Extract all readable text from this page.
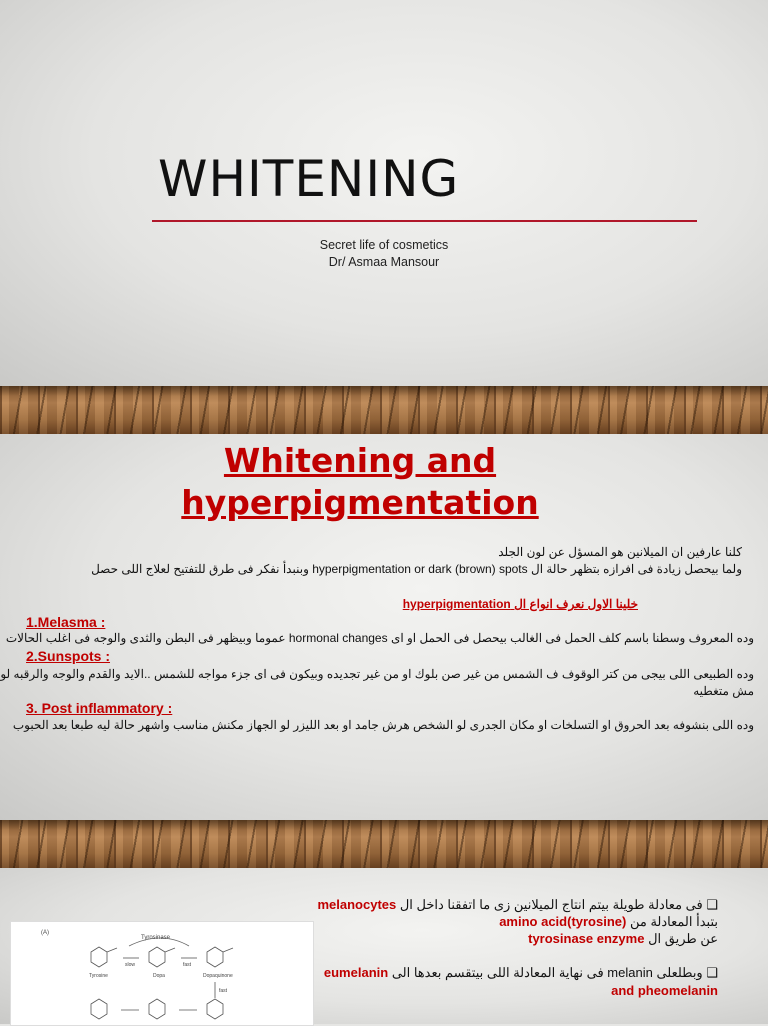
WHITENING
Secret life of cosmetics
Dr/ Asmaa Mansour
Whitening and
hyperpigmentation
كلنا عارفين ان الميلانين هو المسؤل عن لون الجلد
ولما بيحصل زيادة فى افرازه بتظهر حالة ال hyperpigmentation or dark (brown) spots وبنبدأ نفكر فى طرق للتفتيح لعلاج اللى حصل
خلينا الاول نعرف انواع ال hyperpigmentation
1.Melasma :
وده المعروف وسطنا باسم كلف الحمل فى الغالب بيحصل فى الحمل او اى hormonal changes عموما وبيظهر فى البطن والثدى والوجه فى اغلب الحالات
2.Sunspots :
وده الطبيعى اللى بيجى من كتر الوقوف ف الشمس من غير صن بلوك او من غير تجديده وبيكون فى اى جزء مواجه للشمس ..الايد والقدم والوجه والرقبه لو
مش متغطيه
3. Post inflammatory :
وده اللى بنشوفه بعد الحروق او التسلخات او مكان الجدرى لو الشخص هرش جامد او بعد الليزر لو الجهاز مكنش مناسب واشهر حالة ليه طبعا بعد الحبوب
(A)
Tyrosinase
Tyrosine
slow
Dopa
fast
Dopaquinone
fast
❑ فى معادلة طويلة بيتم انتاج الميلانين زى ما اتفقنا داخل ال melanocytes
بتبدأ المعادلة من amino acid(tyrosine)
عن طريق ال tyrosinase enzyme
❑ وبطلعلى melanin فى نهاية المعادلة اللى بيتقسم بعدها الى eumelanin
and pheomelanin
